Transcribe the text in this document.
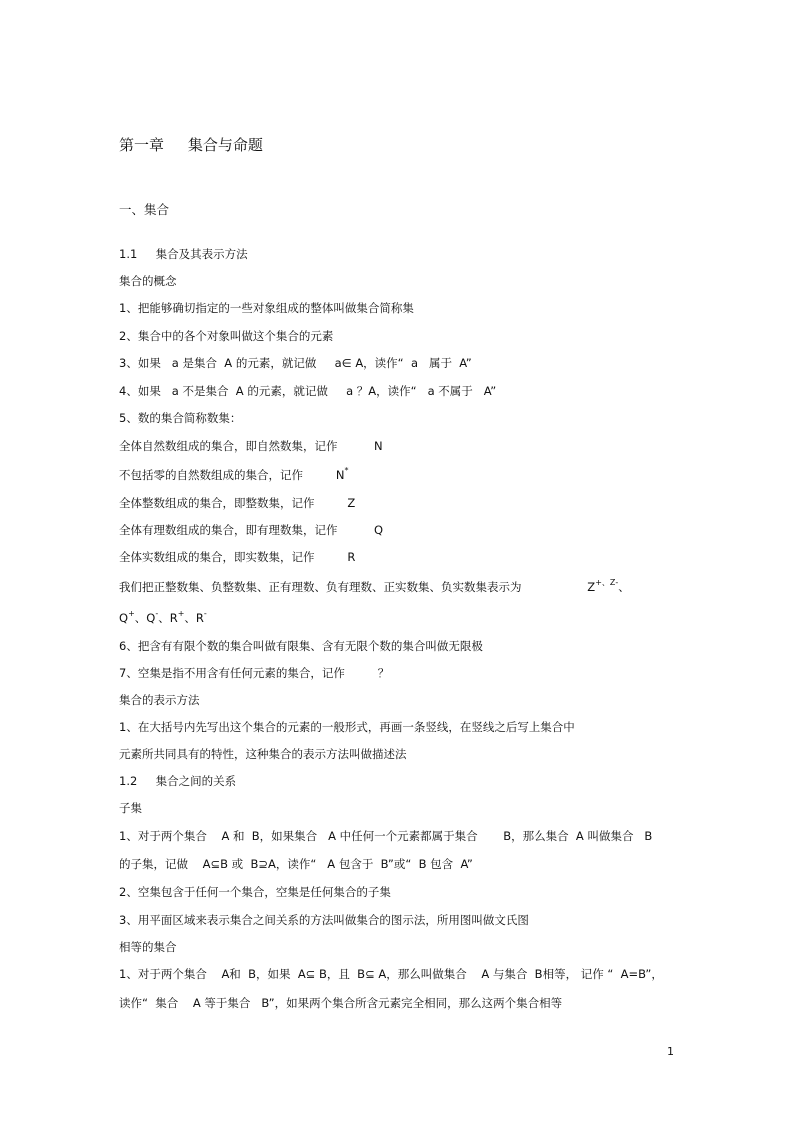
第一章     集合与命题
一、集合
1.1     集合及其表示方法
集合的概念
1、把能够确切指定的一些对象组成的整体叫做集合简称集
2、集合中的各个对象叫做这个集合的元素
3、如果   a 是集合  A 的元素，就记做     a∈ A，读作“  a   属于  A”
4、如果   a 不是集合  A 的元素，就记做     a ？A，读作“   a 不属于   A”
5、数的集合简称数集：
全体自然数组成的集合，即自然数集，记作          N
不包括零的自然数组成的集合，记作         N*
全体整数组成的集合，即整数集，记作         Z
全体有理数组成的集合，即有理数集，记作          Q
全体实数组成的集合，即实数集，记作         R
我们把正整数集、负整数集、正有理数、负有理数、正实数集、负实数集表示为                  $Z^{+、Z-}$、
Q+、Q-、R+、R-
6、把含有有限个数的集合叫做有限集、含有无限个数的集合叫做无限极
7、空集是指不用含有任何元素的集合，记作         ？
集合的表示方法
1、在大括号内先写出这个集合的元素的一般形式，再画一条竖线，在竖线之后写上集合中
元素所共同具有的特性，这种集合的表示方法叫做描述法
1.2     集合之间的关系
子集
1、对于两个集合    A 和  B，如果集合   A 中任何一个元素都属于集合       B，那么集合  A 叫做集合   B
的子集，记做    A⊆B 或  B⊇A，读作“   A 包含于  B”或“  B 包含  A”
2、空集包含于任何一个集合，空集是任何集合的子集
3、用平面区域来表示集合之间关系的方法叫做集合的图示法，所用图叫做文氏图
相等的集合
1、对于两个集合    A和  B，如果  A⊆ B，且  B⊆ A，那么叫做集合    A 与集合  B相等， 记作 “  A=B”，
读作“  集合    A 等于集合   B”，如果两个集合所含元素完全相同，那么这两个集合相等
1
